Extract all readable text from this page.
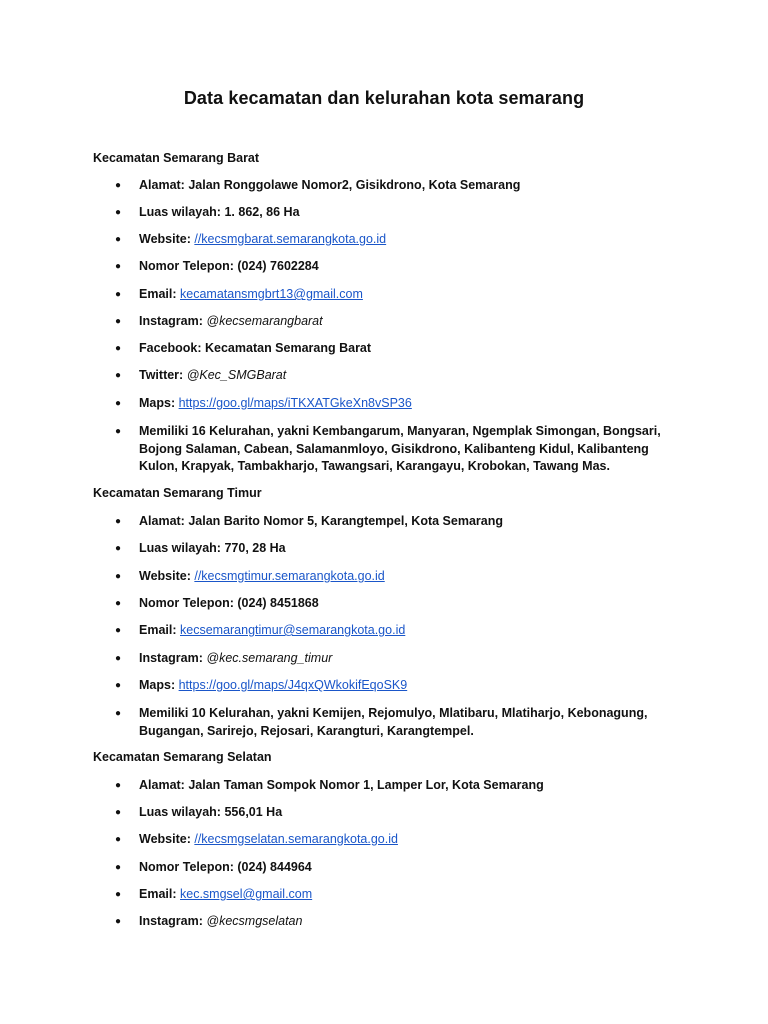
Data kecamatan dan kelurahan kota semarang
Kecamatan Semarang Barat
●	Alamat: Jalan Ronggolawe Nomor2, Gisikdrono, Kota Semarang
●	Luas wilayah: 1. 862, 86 Ha
●	Website: //kecsmgbarat.semarangkota.go.id
●	Nomor Telepon: (024) 7602284
●	Email: kecamatansmgbrt13@gmail.com
●	Instagram: @kecsemarangbarat
●	Facebook: Kecamatan Semarang Barat
●	Twitter: @Kec_SMGBarat
●	Maps: https://goo.gl/maps/iTKXATGkeXn8vSP36
●	Memiliki 16 Kelurahan, yakni Kembangarum, Manyaran, Ngemplak Simongan, Bongsari, Bojong Salaman, Cabean, Salamanmloyo, Gisikdrono, Kalibanteng Kidul, Kalibanteng Kulon, Krapyak, Tambakharjo, Tawangsari, Karangayu, Krobokan, Tawang Mas.
Kecamatan Semarang Timur
●	Alamat: Jalan Barito Nomor 5, Karangtempel, Kota Semarang
●	Luas wilayah: 770, 28 Ha
●	Website: //kecsmgtimur.semarangkota.go.id
●	Nomor Telepon: (024) 8451868
●	Email: kecsemarangtimur@semarangkota.go.id
●	Instagram: @kec.semarang_timur
●	Maps: https://goo.gl/maps/J4qxQWkokifEqoSK9
●	Memiliki 10 Kelurahan, yakni Kemijen, Rejomulyo, Mlatibaru, Mlatiharjo, Kebonagung, Bugangan, Sarirejo, Rejosari, Karangturi, Karangtempel.
Kecamatan Semarang Selatan
●	Alamat: Jalan Taman Sompok Nomor 1, Lamper Lor, Kota Semarang
●	Luas wilayah: 556,01 Ha
●	Website: //kecsmgselatan.semarangkota.go.id
●	Nomor Telepon: (024) 844964
●	Email: kec.smgsel@gmail.com
●	Instagram: @kecsmgselatan
